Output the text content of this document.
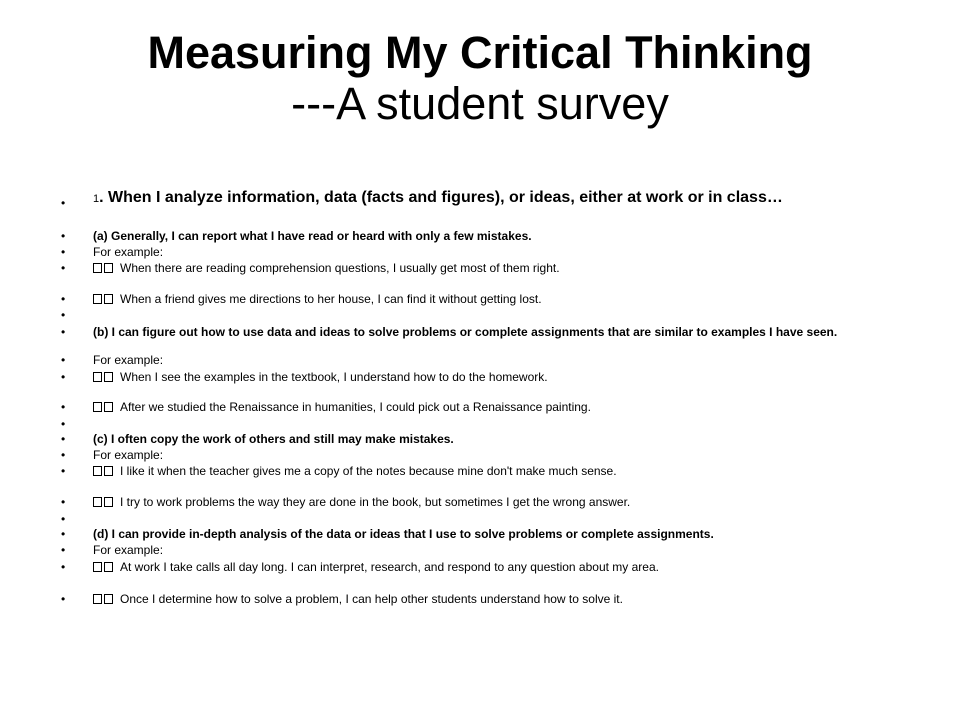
Measuring My Critical Thinking
---A student survey
•	1. When I analyze information, data (facts and figures), or ideas, either at work or in class…
• (a) Generally, I can report what I have read or heard with only a few mistakes.
• For example:
•	When there are reading comprehension questions, I usually get most of them right.
•	When a friend gives me directions to her house, I can find it without getting lost.
•
• (b) I can figure out how to use data and ideas to solve problems or complete assignments that are similar to examples I have seen.
• For example:
•	When I see the examples in the textbook, I understand how to do the homework.
•	After we studied the Renaissance in humanities, I could pick out a Renaissance painting.
•
• (c) I often copy the work of others and still may make mistakes.
• For example:
•	I like it when the teacher gives me a copy of the notes because mine don't make much sense.
•	I try to work problems the way they are done in the book, but sometimes I get the wrong answer.
•
• (d) I can provide in-depth analysis of the data or ideas that I use to solve problems or complete assignments.
• For example:
•	At work I take calls all day long. I can interpret, research, and respond to any question about my area.
•	Once I determine how to solve a problem, I can help other students understand how to solve it.
